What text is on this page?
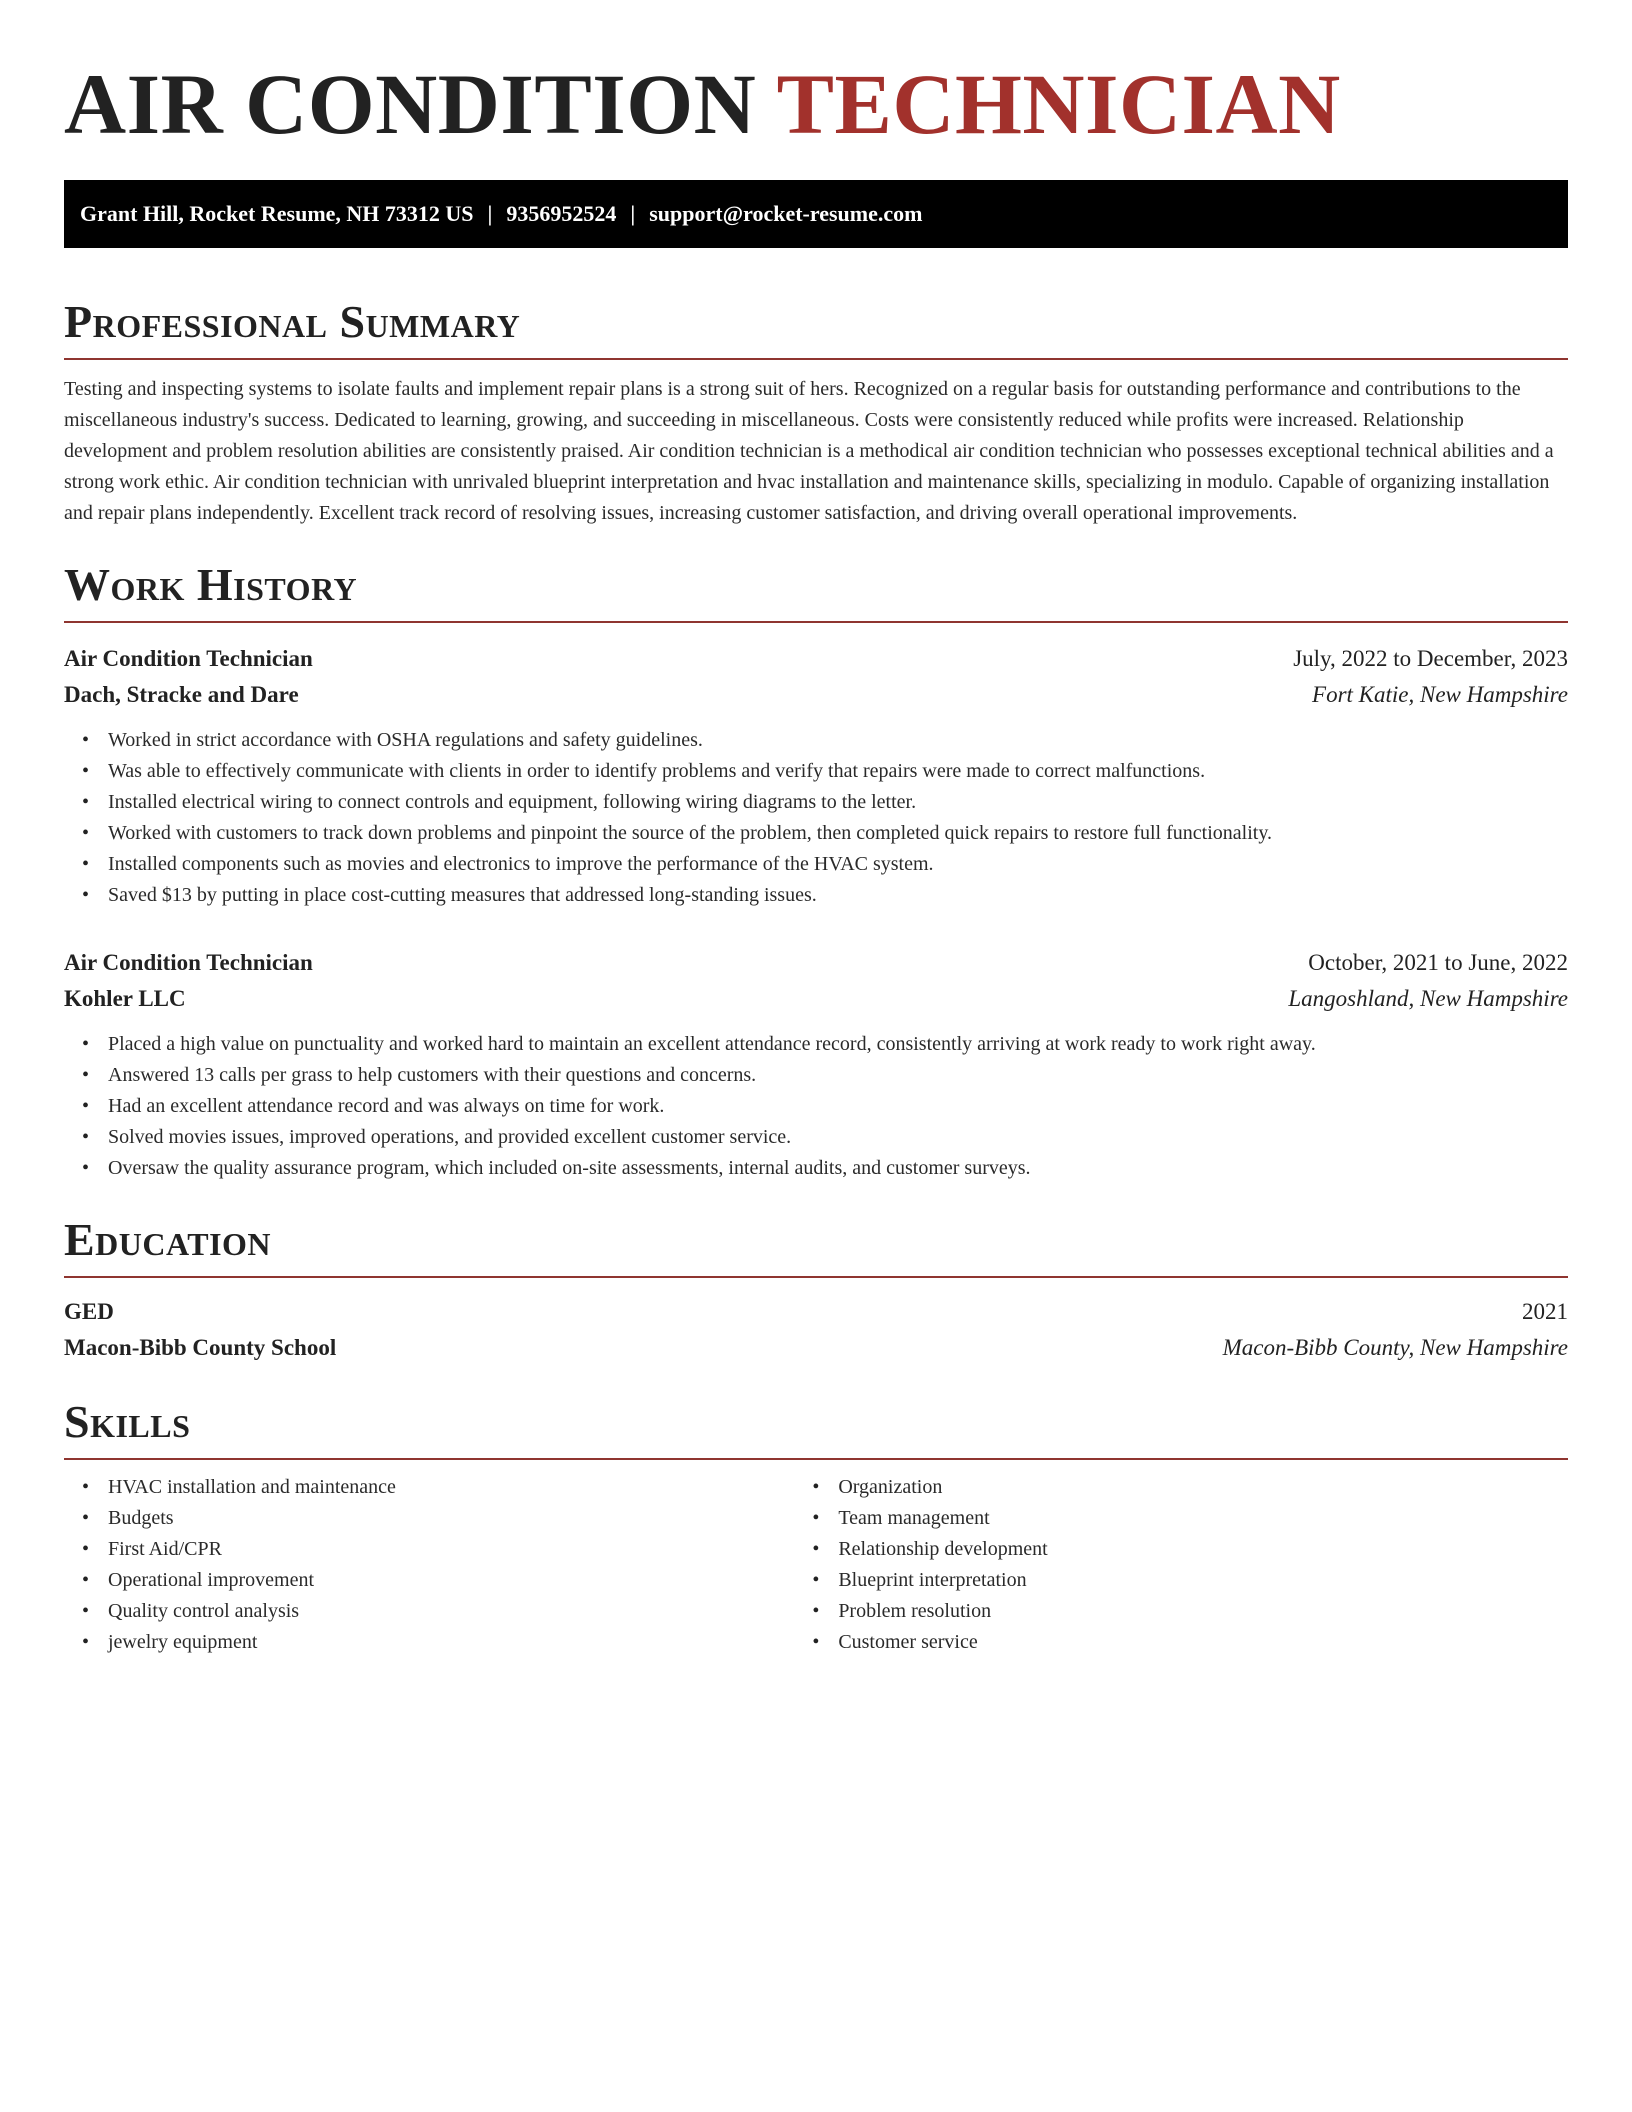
AIR CONDITION TECHNICIAN
Grant Hill, Rocket Resume, NH 73312 US | 9356952524 | support@rocket-resume.com
Professional Summary

Testing and inspecting systems to isolate faults and implement repair plans is a strong suit of hers. Recognized on a regular basis for outstanding performance and contributions to the miscellaneous industry's success. Dedicated to learning, growing, and succeeding in miscellaneous. Costs were consistently reduced while profits were increased. Relationship development and problem resolution abilities are consistently praised. Air condition technician is a methodical air condition technician who possesses exceptional technical abilities and a strong work ethic. Air condition technician with unrivaled blueprint interpretation and hvac installation and maintenance skills, specializing in modulo. Capable of organizing installation and repair plans independently. Excellent track record of resolving issues, increasing customer satisfaction, and driving overall operational improvements.

Work History
Air Condition Technician	July, 2022 to December, 2023
Dach, Stracke and Dare	Fort Katie, New Hampshire
• Worked in strict accordance with OSHA regulations and safety guidelines.
• Was able to effectively communicate with clients in order to identify problems and verify that repairs were made to correct malfunctions.
• Installed electrical wiring to connect controls and equipment, following wiring diagrams to the letter.
• Worked with customers to track down problems and pinpoint the source of the problem, then completed quick repairs to restore full functionality.
• Installed components such as movies and electronics to improve the performance of the HVAC system.
• Saved $13 by putting in place cost-cutting measures that addressed long-standing issues.
Air Condition Technician	October, 2021 to June, 2022
Kohler LLC	Langoshland, New Hampshire
• Placed a high value on punctuality and worked hard to maintain an excellent attendance record, consistently arriving at work ready to work right away.
• Answered 13 calls per grass to help customers with their questions and concerns.
• Had an excellent attendance record and was always on time for work.
• Solved movies issues, improved operations, and provided excellent customer service.
• Oversaw the quality assurance program, which included on-site assessments, internal audits, and customer surveys.
Education
GED	2021
Macon-Bibb County School	Macon-Bibb County, New Hampshire
Skills
• HVAC installation and maintenance
• Budgets
• First Aid/CPR
• Operational improvement
• Quality control analysis
• jewelry equipment
• Organization
• Team management
• Relationship development
• Blueprint interpretation
• Problem resolution
• Customer service
